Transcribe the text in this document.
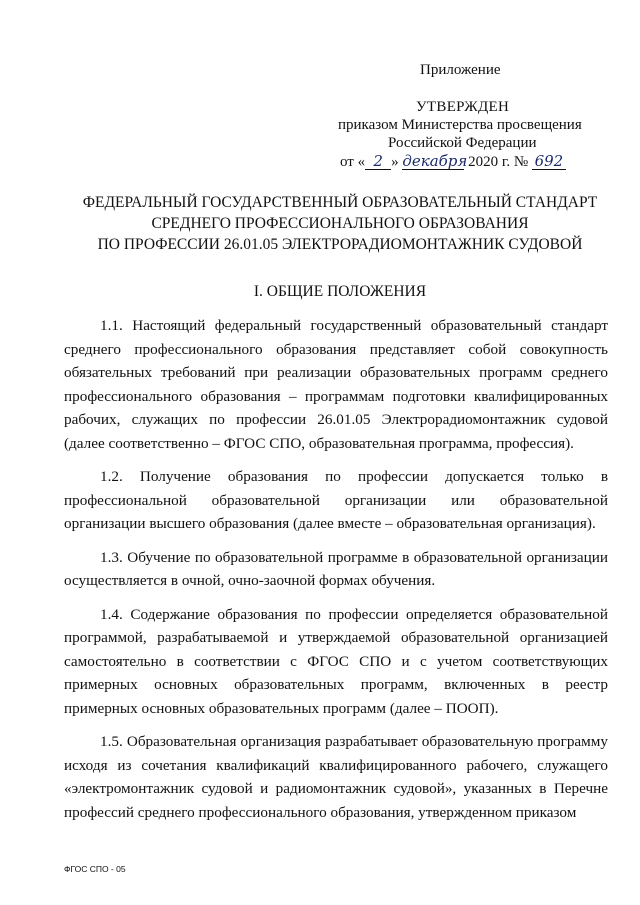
Приложение
УТВЕРЖДЕН
приказом Министерства просвещения
Российской Федерации
от « 2 » декабря 2020 г. № 692
ФЕДЕРАЛЬНЫЙ ГОСУДАРСТВЕННЫЙ ОБРАЗОВАТЕЛЬНЫЙ СТАНДАРТ
СРЕДНЕГО ПРОФЕССИОНАЛЬНОГО ОБРАЗОВАНИЯ
ПО ПРОФЕССИИ 26.01.05 ЭЛЕКТРОРАДИОМОНТАЖНИК СУДОВОЙ
I. ОБЩИЕ ПОЛОЖЕНИЯ

1.1. Настоящий федеральный государственный образовательный стандарт среднего профессионального образования представляет собой совокупность обязательных требований при реализации образовательных программ среднего профессионального образования – программам подготовки квалифицированных рабочих, служащих по профессии 26.01.05 Электрорадиомонтажник судовой (далее соответственно – ФГОС СПО, образовательная программа, профессия).

1.2. Получение образования по профессии допускается только в профессиональной образовательной организации или образовательной организации высшего образования (далее вместе – образовательная организация).

1.3. Обучение по образовательной программе в образовательной организации осуществляется в очной, очно-заочной формах обучения.

1.4. Содержание образования по профессии определяется образовательной программой, разрабатываемой и утверждаемой образовательной организацией самостоятельно в соответствии с ФГОС СПО и с учетом соответствующих примерных основных образовательных программ, включенных в реестр примерных основных образовательных программ (далее – ПООП).

1.5. Образовательная организация разрабатывает образовательную программу исходя из сочетания квалификаций квалифицированного рабочего, служащего «электромонтажник судовой и радиомонтажник судовой», указанных в Перечне профессий среднего профессионального образования, утвержденном приказом

ФГОС СПО - 05
